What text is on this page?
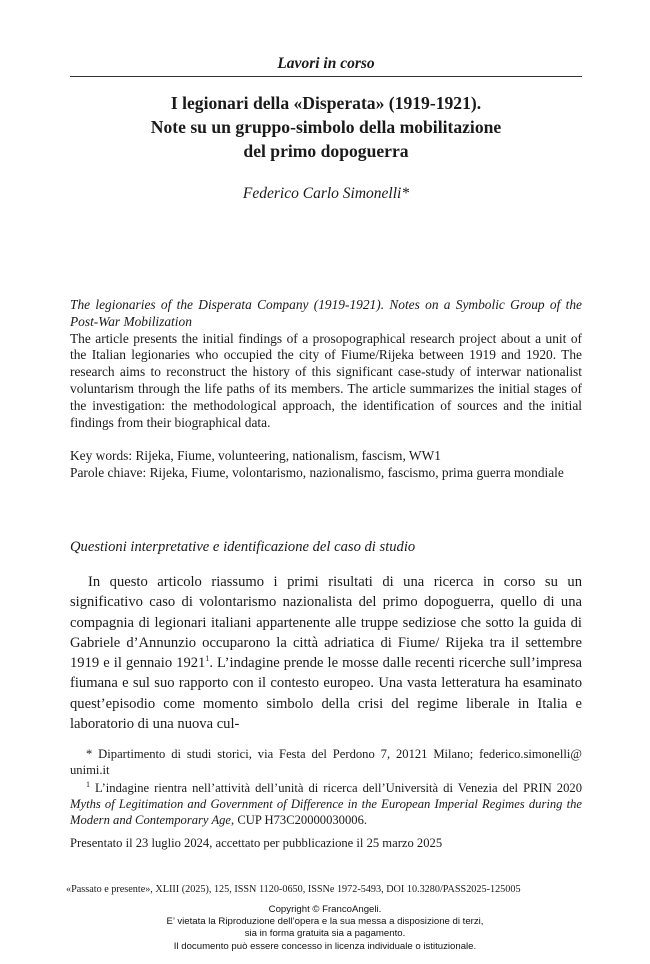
Lavori in corso
I legionari della «Disperata» (1919-1921).
Note su un gruppo-simbolo della mobilitazione
del primo dopoguerra
Federico Carlo Simonelli*
The legionaries of the Disperata Company (1919-1921). Notes on a Symbolic Group of the Post-War Mobilization
The article presents the initial findings of a prosopographical research project about a unit of the Italian legionaries who occupied the city of Fiume/Rijeka between 1919 and 1920. The research aims to reconstruct the history of this significant case-study of interwar nationalist voluntarism through the life paths of its members. The article summarizes the initial stages of the investigation: the methodological approach, the identification of sources and the initial findings from their biographical data.

Key words: Rijeka, Fiume, volunteering, nationalism, fascism, WW1

Parole chiave: Rijeka, Fiume, volontarismo, nazionalismo, fascismo, prima guerra mondiale

Questioni interpretative e identificazione del caso di studio
In questo articolo riassumo i primi risultati di una ricerca in corso su un significativo caso di volontarismo nazionalista del primo dopoguerra, quello di una compagnia di legionari italiani appartenente alle truppe sediziose che sotto la guida di Gabriele d’Annunzio occuparono la città adriatica di Fiume/ Rijeka tra il settembre 1919 e il gennaio 1921$^1$. L’indagine prende le mosse dalle recenti ricerche sull’impresa fiumana e sul suo rapporto con il contesto europeo. Una vasta letteratura ha esaminato quest’episodio come momento simbolo della crisi del regime liberale in Italia e laboratorio di una nuova cul-

* Dipartimento di studi storici, via Festa del Perdono 7, 20121 Milano; federico.simonelli@ unimi.it

$^1$ L’indagine rientra nell’attività dell’unità di ricerca dell’Università di Venezia del PRIN 2020 Myths of Legitimation and Government of Difference in the European Imperial Regimes during the Modern and Contemporary Age, CUP H73C20000030006.

Presentato il 23 luglio 2024, accettato per pubblicazione il 25 marzo 2025
«Passato e presente», XLIII (2025), 125, ISSN 1120-0650, ISSNe 1972-5493, DOI 10.3280/PASS2025-125005
Copyright © FrancoAngeli.
E’ vietata la Riproduzione dell’opera e la sua messa a disposizione di terzi,
sia in forma gratuita sia a pagamento.
Il documento può essere concesso in licenza individuale o istituzionale.
